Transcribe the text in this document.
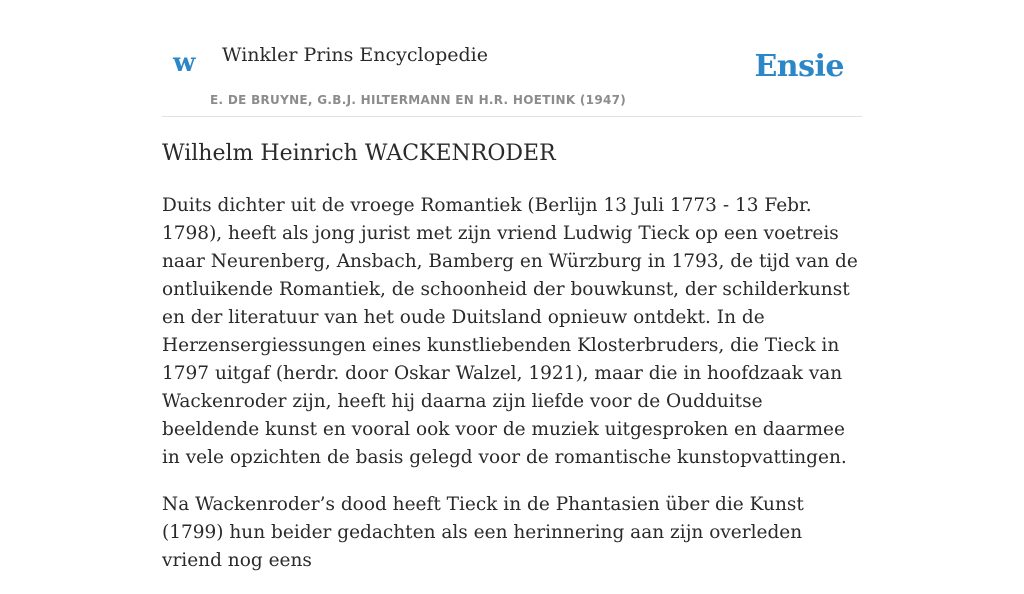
w Winkler Prins Encyclopedie
E. DE BRUYNE, G.B.J. HILTERMANN EN H.R. HOETINK (1947)
Ensie
Wilhelm Heinrich WACKENRODER

Duits dichter uit de vroege Romantiek (Berlijn 13 Juli 1773 - 13 Febr. 1798), heeft als jong jurist met zijn vriend Ludwig Tieck op een voetreis naar Neurenberg, Ansbach, Bamberg en Würzburg in 1793, de tijd van de ontluikende Romantiek, de schoonheid der bouwkunst, der schilderkunst en der literatuur van het oude Duitsland opnieuw ontdekt. In de Herzensergiessungen eines kunstliebenden Klosterbruders, die Tieck in 1797 uitgaf (herdr. door Oskar Walzel, 1921), maar die in hoofdzaak van Wackenroder zijn, heeft hij daarna zijn liefde voor de Oudduitse beeldende kunst en vooral ook voor de muziek uitgesproken en daarmee in vele opzichten de basis gelegd voor de romantische kunstopvattingen.

Na Wackenroder’s dood heeft Tieck in de Phantasien über die Kunst (1799) hun beider gedachten als een herinnering aan zijn overleden vriend nog eens
